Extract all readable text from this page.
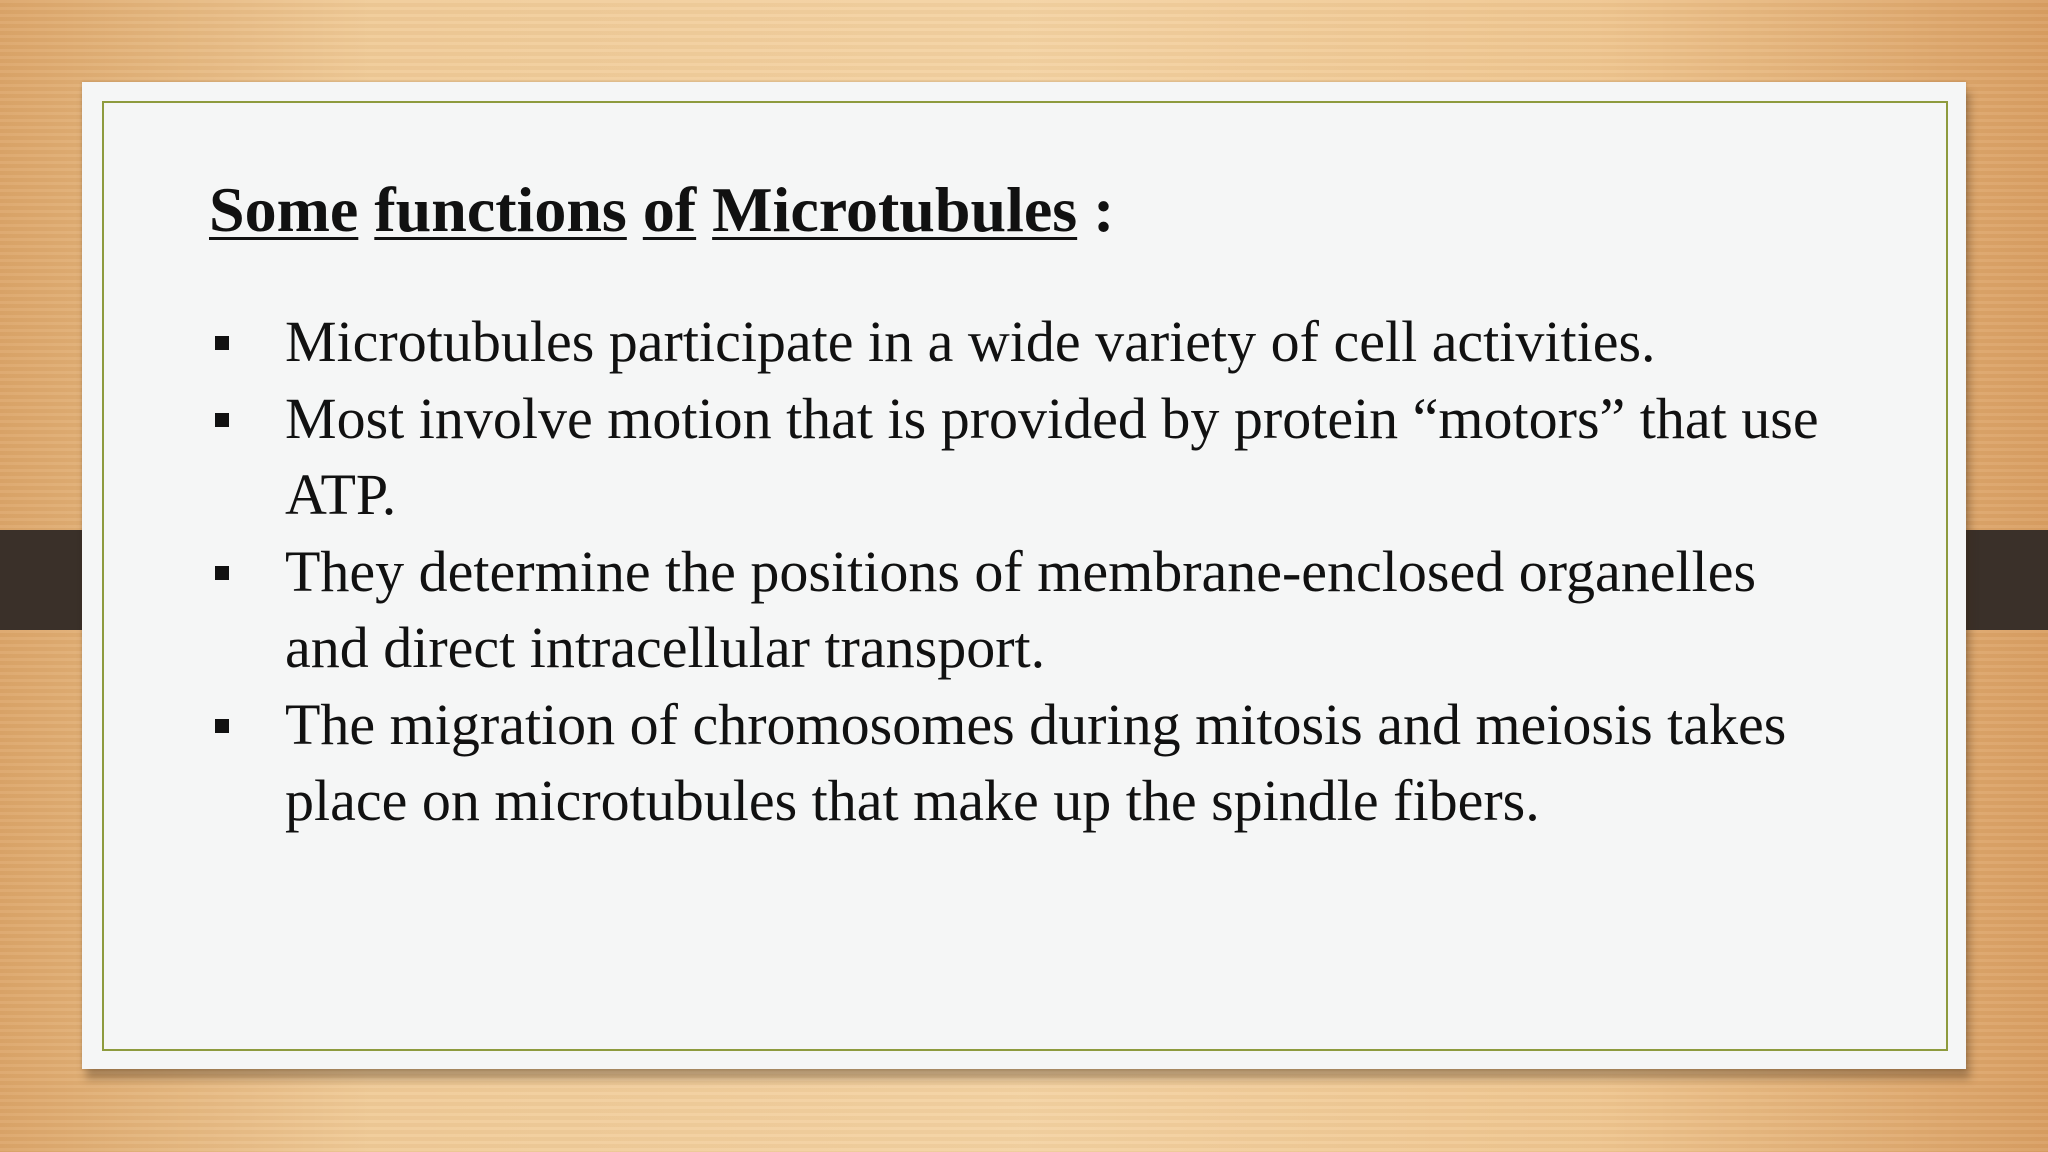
Some functions of Microtubules :
Microtubules participate in a wide variety of cell activities.
Most involve motion that is provided by protein “motors” that use ATP.
They determine the positions of membrane-enclosed organelles and direct intracellular transport.
The migration of chromosomes during mitosis and meiosis takes place on microtubules that make up the spindle fibers.
